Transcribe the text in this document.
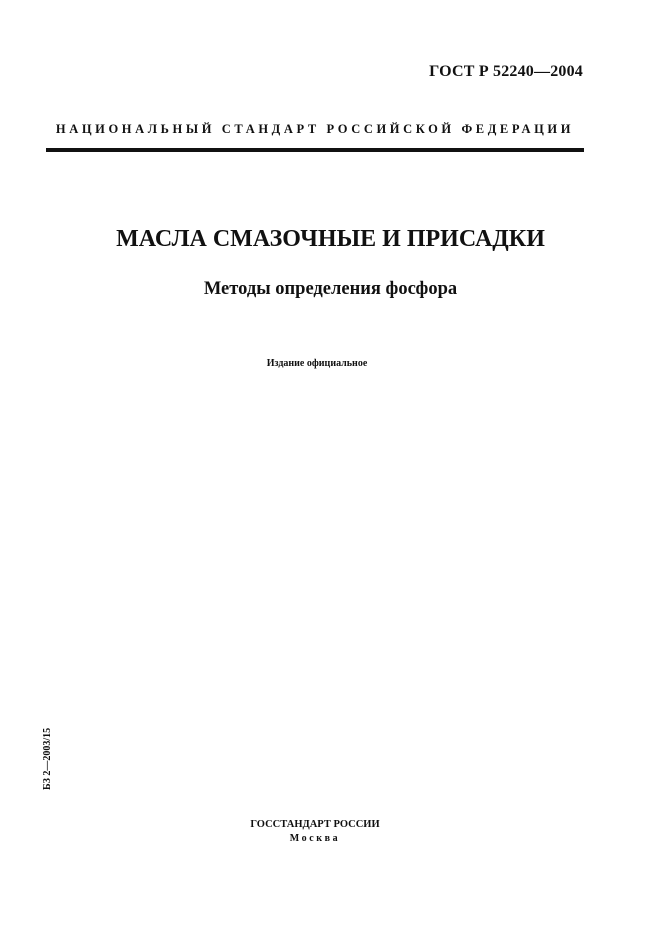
ГОСТ Р 52240—2004
НАЦИОНАЛЬНЫЙ СТАНДАРТ РОССИЙСКОЙ ФЕДЕРАЦИИ
МАСЛА СМАЗОЧНЫЕ И ПРИСАДКИ
Методы определения фосфора
Издание официальное
БЗ 2—2003/15
ГОССТАНДАРТ РОССИИ
Москва
